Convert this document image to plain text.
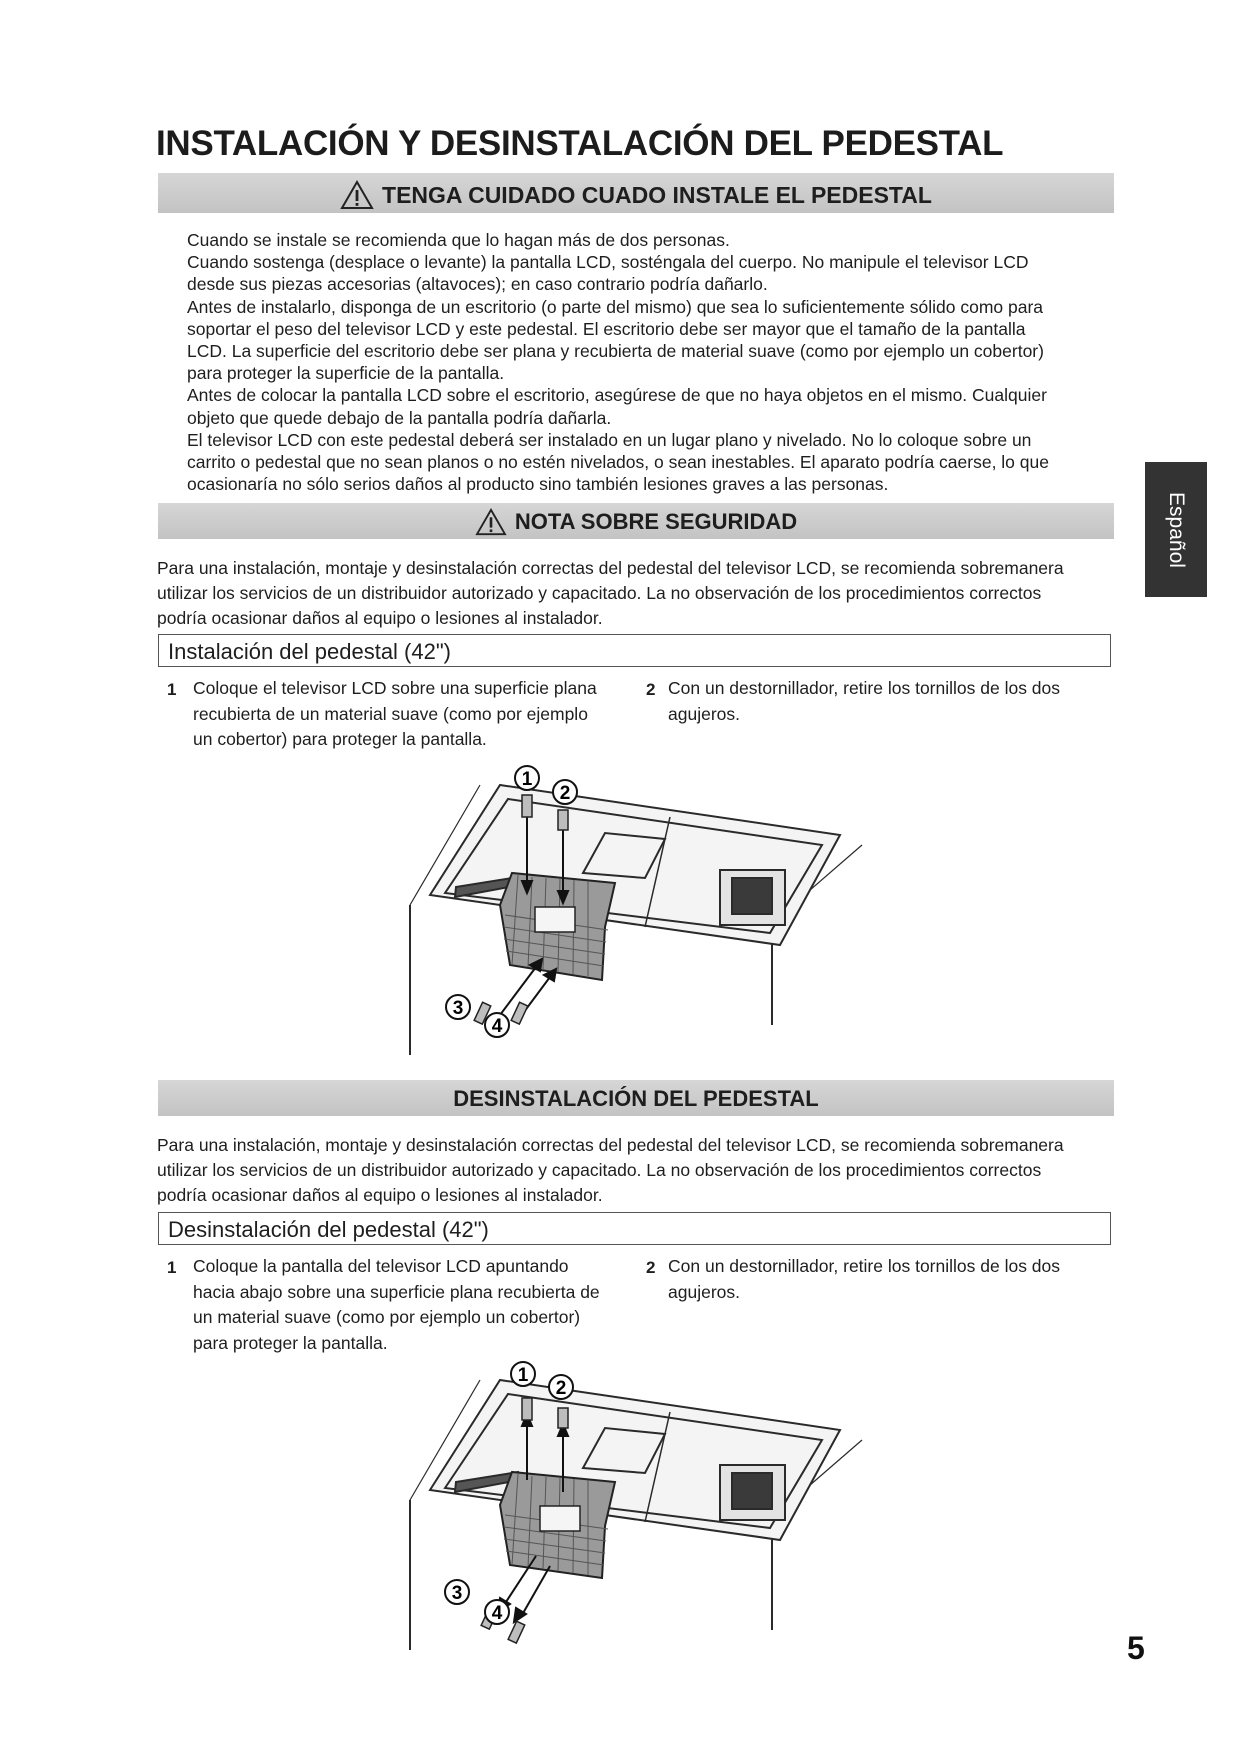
INSTALACIÓN Y DESINSTALACIÓN DEL PEDESTAL
TENGA CUIDADO CUADO INSTALE EL PEDESTAL
Cuando se instale se recomienda que lo hagan más de dos personas.
Cuando sostenga (desplace o levante) la pantalla LCD, sosténgala del cuerpo. No manipule el televisor LCD
desde sus piezas accesorias (altavoces); en caso contrario podría dañarlo.
Antes de instalarlo, disponga de un escritorio (o parte del mismo) que sea lo suficientemente sólido como para
soportar el peso del televisor LCD y este pedestal. El escritorio debe ser mayor que el tamaño de la pantalla
LCD. La superficie del escritorio debe ser plana y recubierta de material suave (como por ejemplo un cobertor)
para proteger la superficie de la pantalla.
Antes de colocar la pantalla LCD sobre el escritorio, asegúrese de que no haya objetos en el mismo. Cualquier
objeto que quede debajo de la pantalla podría dañarla.
El televisor LCD con este pedestal deberá ser instalado en un lugar plano y nivelado. No lo coloque sobre un
carrito o pedestal que no sean planos o no estén nivelados, o sean inestables. El aparato podría caerse, lo que
ocasionaría no sólo serios daños al producto sino también lesiones graves a las personas.
NOTA SOBRE SEGURIDAD
Para una instalación, montaje y desinstalación correctas del pedestal del televisor LCD, se recomienda sobremanera
utilizar los servicios de un distribuidor autorizado y capacitado. La no observación de los procedimientos correctos
podría ocasionar daños al equipo o lesiones al instalador.
Instalación del pedestal (42")
1 Coloque el televisor LCD sobre una superficie plana
recubierta de un material suave (como por ejemplo
un cobertor) para proteger la pantalla.
2 Con un destornillador, retire los tornillos de los dos
agujeros.
1
2
3
4
DESINSTALACIÓN DEL PEDESTAL
Para una instalación, montaje y desinstalación correctas del pedestal del televisor LCD, se recomienda sobremanera
utilizar los servicios de un distribuidor autorizado y capacitado. La no observación de los procedimientos correctos
podría ocasionar daños al equipo o lesiones al instalador.
Desinstalación del pedestal (42")
1 Coloque la pantalla del televisor LCD apuntando
hacia abajo sobre una superficie plana recubierta de
un material suave (como por ejemplo un cobertor)
para proteger la pantalla.
2 Con un destornillador, retire los tornillos de los dos
agujeros.
1
2
3
4
Español
5
